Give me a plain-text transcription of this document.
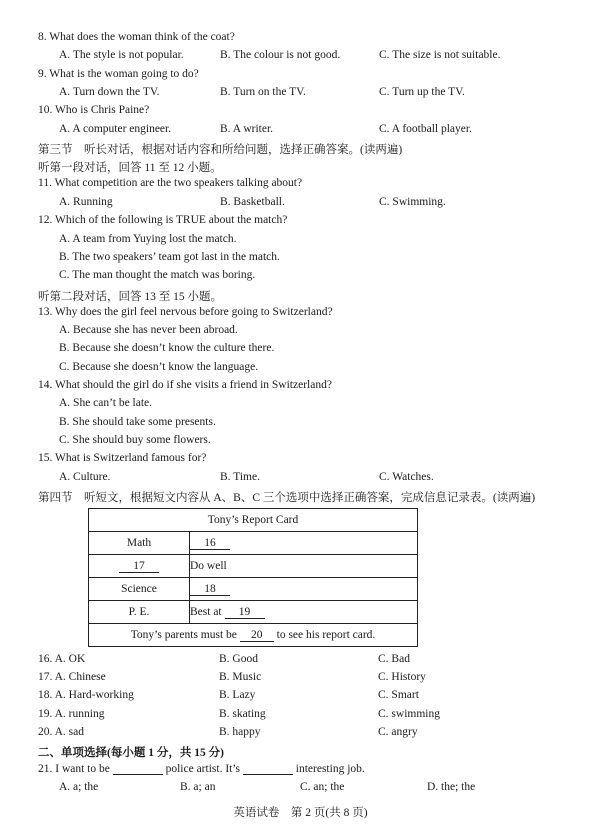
8. What does the woman think of the coat?
A. The style is not popular.	B. The colour is not good.	C. The size is not suitable.
9. What is the woman going to do?
A. Turn down the TV.	B. Turn on the TV.	C. Turn up the TV.
10. Who is Chris Paine?
A. A computer engineer.	B. A writer.	C. A football player.
第三节　听长对话，根据对话内容和所给问题，选择正确答案。(读两遍)
听第一段对话，回答 11 至 12 小题。
11. What competition are the two speakers talking about?
A. Running	B. Basketball.	C. Swimming.
12. Which of the following is TRUE about the match?
A. A team from Yuying lost the match.
B. The two speakers’ team got last in the match.
C. The man thought the match was boring.
听第二段对话，回答 13 至 15 小题。
13. Why does the girl feel nervous before going to Switzerland?
A. Because she has never been abroad.
B. Because she doesn’t know the culture there.
C. Because she doesn’t know the language.
14. What should the girl do if she visits a friend in Switzerland?
A. She can’t be late.
B. She should take some presents.
C. She should buy some flowers.
15. What is Switzerland famous for?
A. Culture.	B. Time.	C. Watches.
第四节　听短文，根据短文内容从 A、B、C 三个选项中选择正确答案，完成信息记录表。(读两遍)
Tony’s Report Card	
Math	16
17	Do well
Science	18
P. E.	Best at 19
Tony’s parents must be 20 to see his report card.	
16. A. OK	B. Good	C. Bad
17. A. Chinese	B. Music	C. History
18. A. Hard-working	B. Lazy	C. Smart
19. A. running	B. skating	C. swimming
20. A. sad	B. happy	C. angry
二、单项选择(每小题 1 分，共 15 分)
21. I want to be	police artist. It’s	interesting job.
A. a; the	B. a; an	C. an; the	D. the; the
英语试卷　第 2 页(共 8 页)
